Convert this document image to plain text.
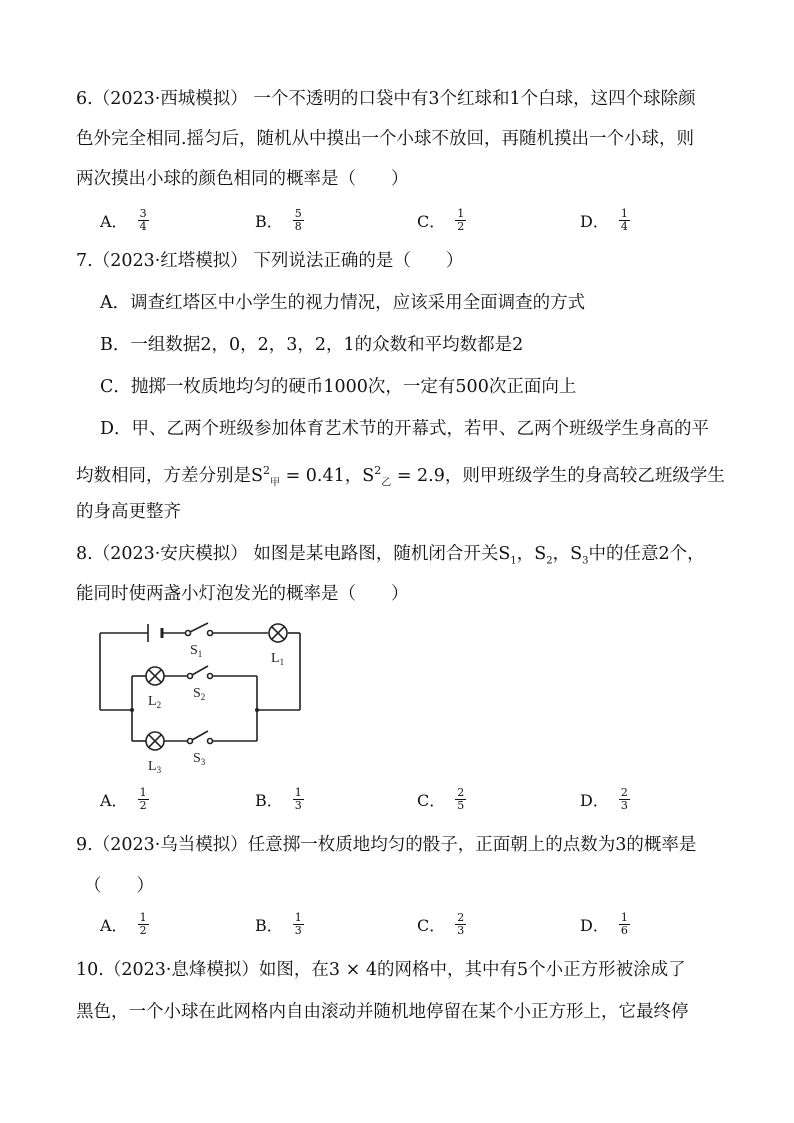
6.（2023·西城模拟） 一个不透明的口袋中有3个红球和1个白球，这四个球除颜
色外完全相同.摇匀后，随机从中摸出一个小球不放回，再随机摸出一个小球，则
两次摸出小球的颜色相同的概率是（　　）
A． $\frac{3}{4}$	B． $\frac{5}{8}$	C． $\frac{1}{2}$	D． $\frac{1}{4}$
7.（2023·红塔模拟） 下列说法正确的是（　　）
A．调查红塔区中小学生的视力情况，应该采用全面调查的方式
B．一组数据2，0，2，3，2，1的众数和平均数都是2
C．抛掷一枚质地均匀的硬币1000次，一定有500次正面向上
D．甲、乙两个班级参加体育艺术节的开幕式，若甲、乙两个班级学生身高的平
均数相同，方差分别是$S^2_甲 = 0.41$，$S^2_乙 = 2.9$，则甲班级学生的身高较乙班级学生
的身高更整齐
8.（2023·安庆模拟） 如图是某电路图，随机闭合开关$S_1$，$S_2$，$S_3$中的任意2个，
能同时使两盏小灯泡发光的概率是（　　）
$S_1$	$L_1$
$S_2$
$L_2$
$S_3$
$L_3$
A． $\frac{1}{2}$	B． $\frac{1}{3}$	C． $\frac{2}{5}$	D． $\frac{2}{3}$
9.（2023·乌当模拟）任意掷一枚质地均匀的骰子，正面朝上的点数为3的概率是
（　　）
A． $\frac{1}{2}$	B． $\frac{1}{3}$	C． $\frac{2}{3}$	D． $\frac{1}{6}$
10.（2023·息烽模拟）如图，在3 × 4的网格中，其中有5个小正方形被涂成了
黑色，一个小球在此网格内自由滚动并随机地停留在某个小正方形上，它最终停
